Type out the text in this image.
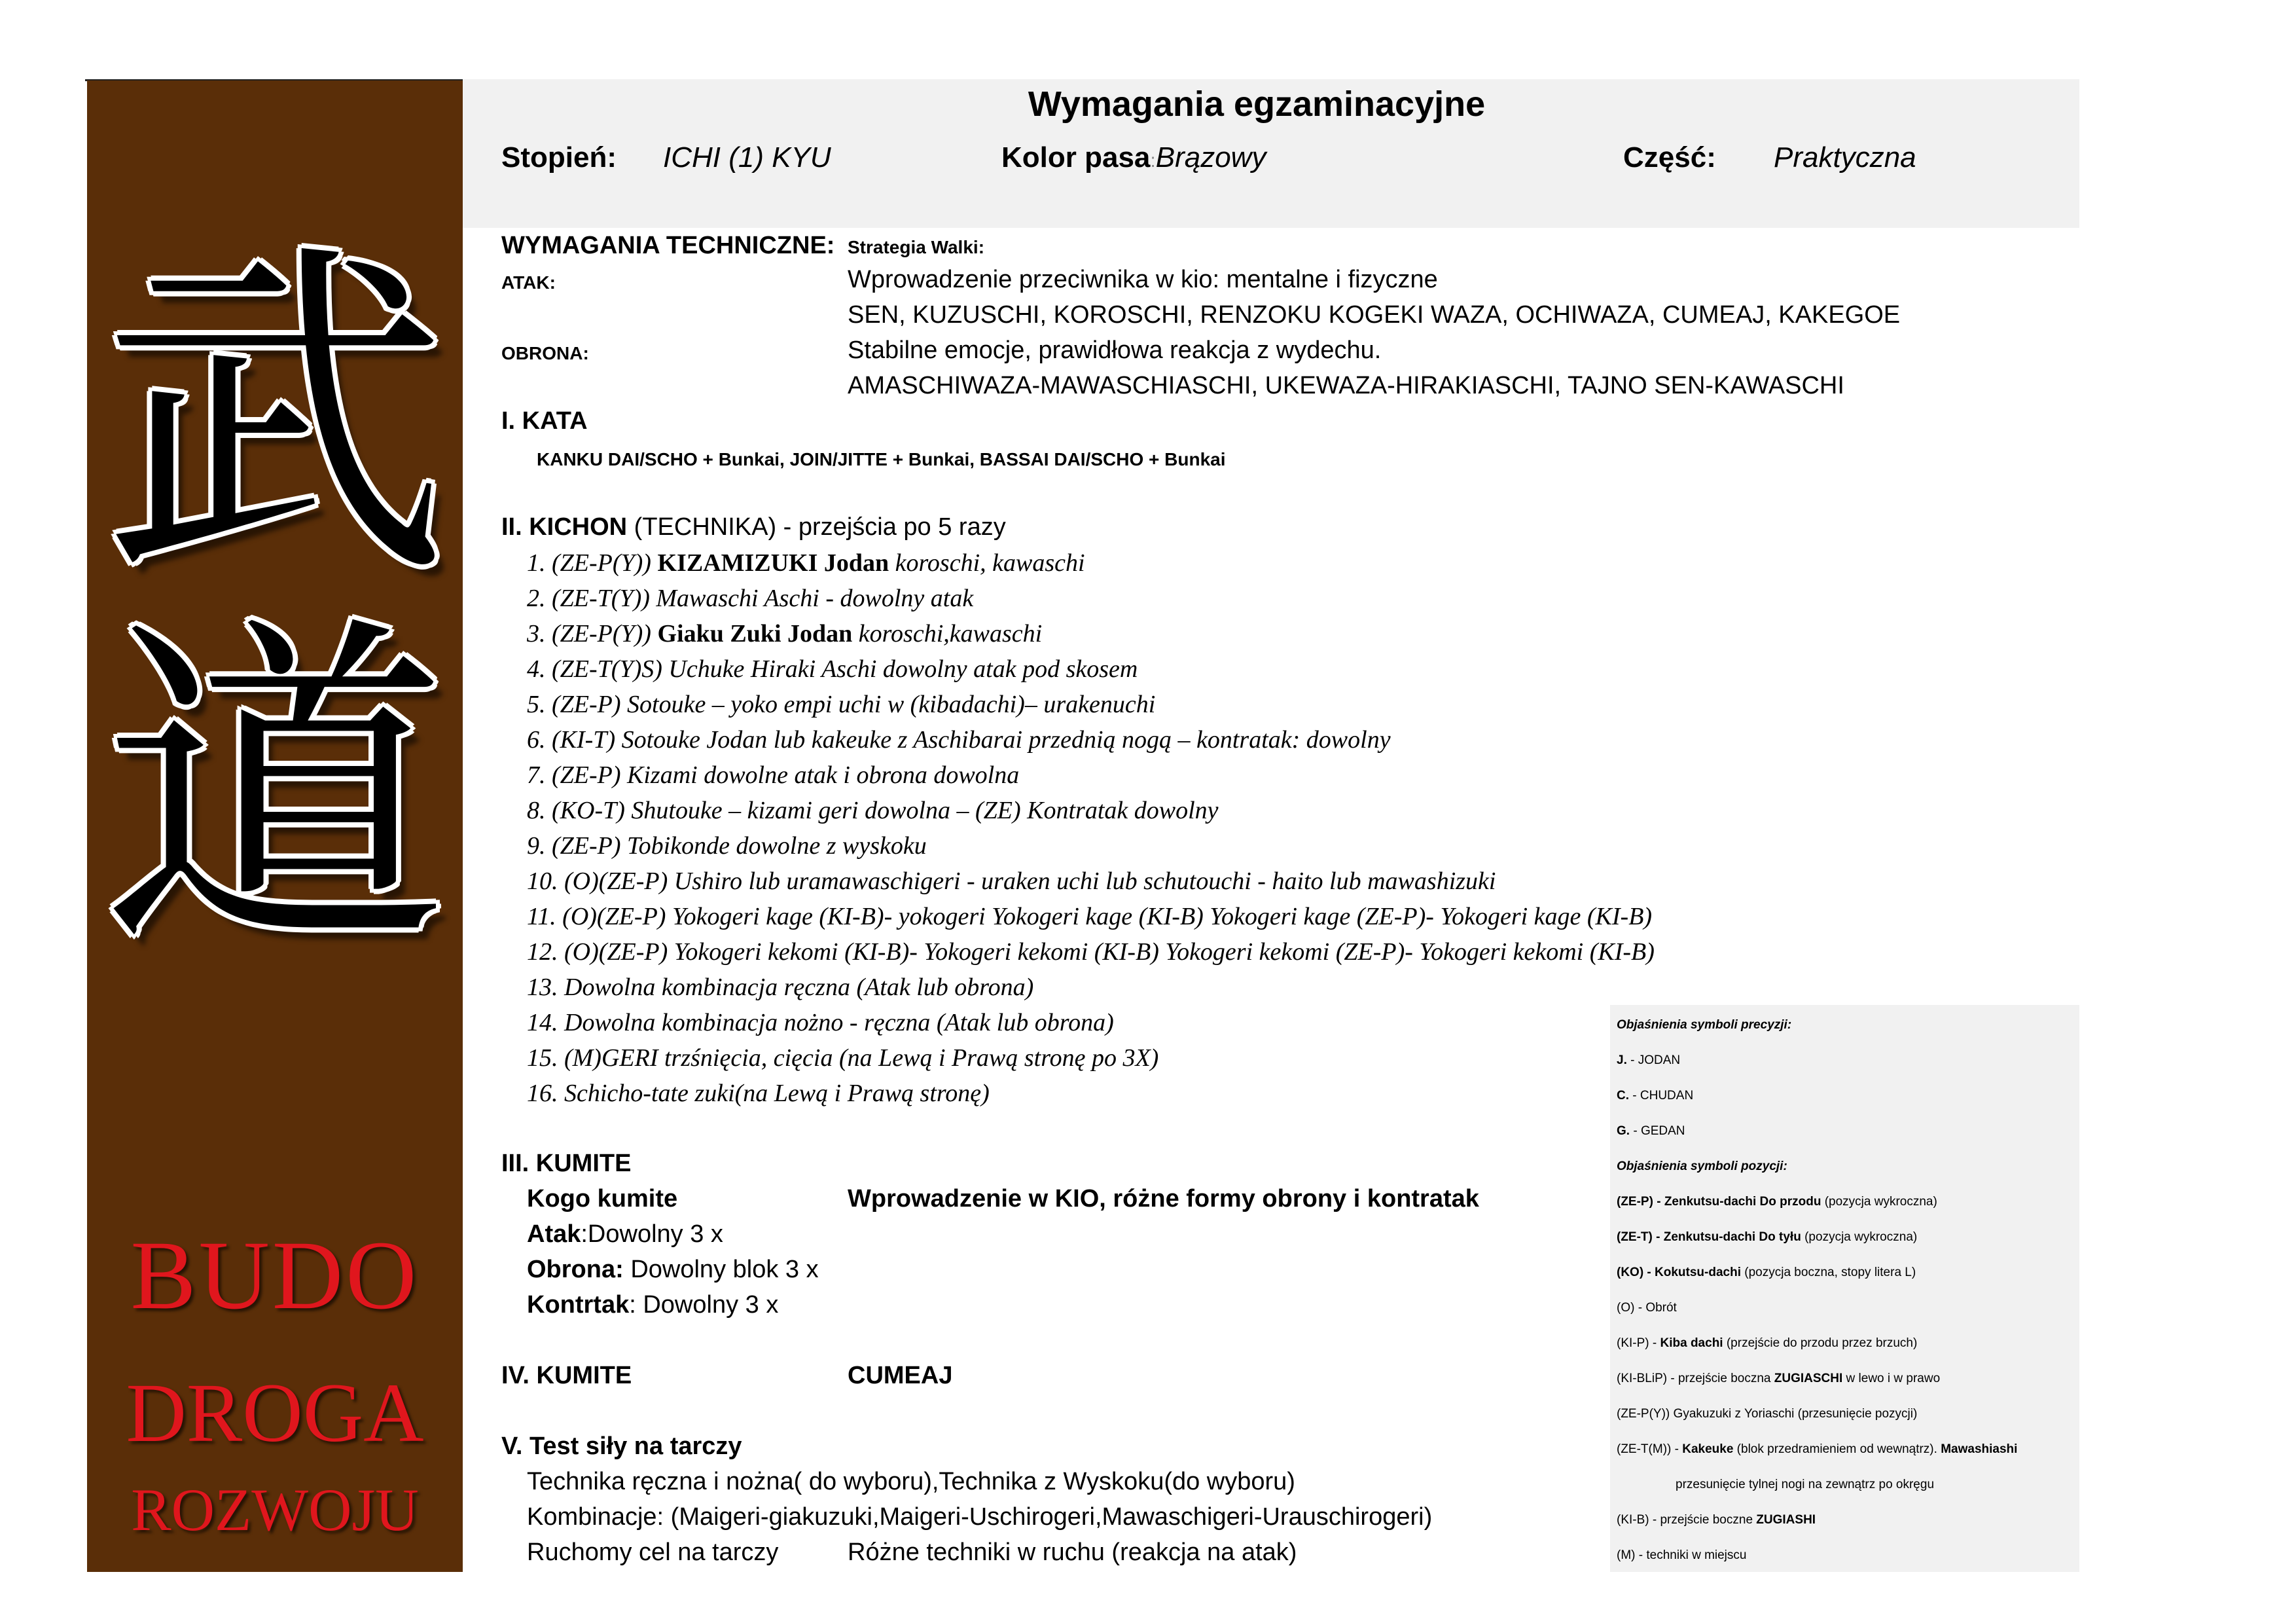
武
道
BUDO
DROGA
ROZWOJU
Wymagania egzaminacyjne
Stopień: ICHI (1) KYU	Kolor pasa:Brązowy	Część: Praktyczna
WYMAGANIA TECHNICZNE: Strategia Walki:
ATAK:	Wprowadzenie przeciwnika w kio: mentalne i fizyczne
SEN, KUZUSCHI, KOROSCHI, RENZOKU KOGEKI WAZA, OCHIWAZA, CUMEAJ, KAKEGOE
OBRONA:	Stabilne emocje, prawidłowa reakcja z wydechu.
AMASCHIWAZA-MAWASCHIASCHI, UKEWAZA-HIRAKIASCHI, TAJNO SEN-KAWASCHI
I. KATA
KANKU DAI/SCHO + Bunkai, JOIN/JITTE + Bunkai, BASSAI DAI/SCHO + Bunkai
II. KICHON (TECHNIKA) - przejścia po 5 razy
1. (ZE-P(Y)) KIZAMIZUKI Jodan koroschi, kawaschi
2. (ZE-T(Y)) Mawaschi Aschi - dowolny atak
3. (ZE-P(Y)) Giaku Zuki Jodan koroschi,kawaschi
4. (ZE-T(Y)S) Uchuke Hiraki Aschi dowolny atak pod skosem
5. (ZE-P) Sotouke – yoko empi uchi w (kibadachi)– urakenuchi
6. (KI-T) Sotouke Jodan lub kakeuke z Aschibarai przednią nogą – kontratak: dowolny
7. (ZE-P) Kizami dowolne atak i obrona dowolna
8. (KO-T) Shutouke – kizami geri dowolna – (ZE) Kontratak dowolny
9. (ZE-P) Tobikonde dowolne z wyskoku
10. (O)(ZE-P) Ushiro lub uramawaschigeri - uraken uchi lub schutouchi - haito lub mawashizuki
11. (O)(ZE-P) Yokogeri kage (KI-B)- yokogeri Yokogeri kage (KI-B) Yokogeri kage (ZE-P)- Yokogeri kage (KI-B)
12. (O)(ZE-P) Yokogeri kekomi (KI-B)- Yokogeri kekomi (KI-B) Yokogeri kekomi (ZE-P)- Yokogeri kekomi (KI-B)
13. Dowolna kombinacja ręczna (Atak lub obrona)
14. Dowolna kombinacja nożno - ręczna (Atak lub obrona)
15. (M)GERI trzśnięcia, cięcia (na Lewą i Prawą stronę po 3X)
16. Schicho-tate zuki(na Lewą i Prawą stronę)
III. KUMITE
Kogo kumite	Wprowadzenie w KIO, różne formy obrony i kontratak
Atak:Dowolny 3 x
Obrona: Dowolny blok 3 x
Kontrtak: Dowolny 3 x
IV. KUMITE	CUMEAJ
V. Test siły na tarczy
Technika ręczna i nożna( do wyboru),Technika z Wyskoku(do wyboru)
Kombinacje: (Maigeri-giakuzuki,Maigeri-Uschirogeri,Mawaschigeri-Urauschirogeri)
Ruchomy cel na tarczy	Różne techniki w ruchu (reakcja na atak)
Objaśnienia symboli precyzji:
J. - JODAN
C. - CHUDAN
G. - GEDAN
Objaśnienia symboli pozycji:
(ZE-P) - Zenkutsu-dachi Do przodu (pozycja wykroczna)
(ZE-T) - Zenkutsu-dachi Do tyłu (pozycja wykroczna)
(KO) - Kokutsu-dachi (pozycja boczna, stopy litera L)
(O) - Obrót
(KI-P) - Kiba dachi (przejście do przodu przez brzuch)
(KI-BLiP) - przejście boczna ZUGIASCHI w lewo i w prawo
(ZE-P(Y)) Gyakuzuki z Yoriaschi (przesunięcie pozycji)
(ZE-T(M)) - Kakeuke (blok przedramieniem od wewnątrz). Mawashiashi
przesunięcie tylnej nogi na zewnątrz po okręgu
(KI-B) - przejście boczne ZUGIASHI
(M) - techniki w miejscu
